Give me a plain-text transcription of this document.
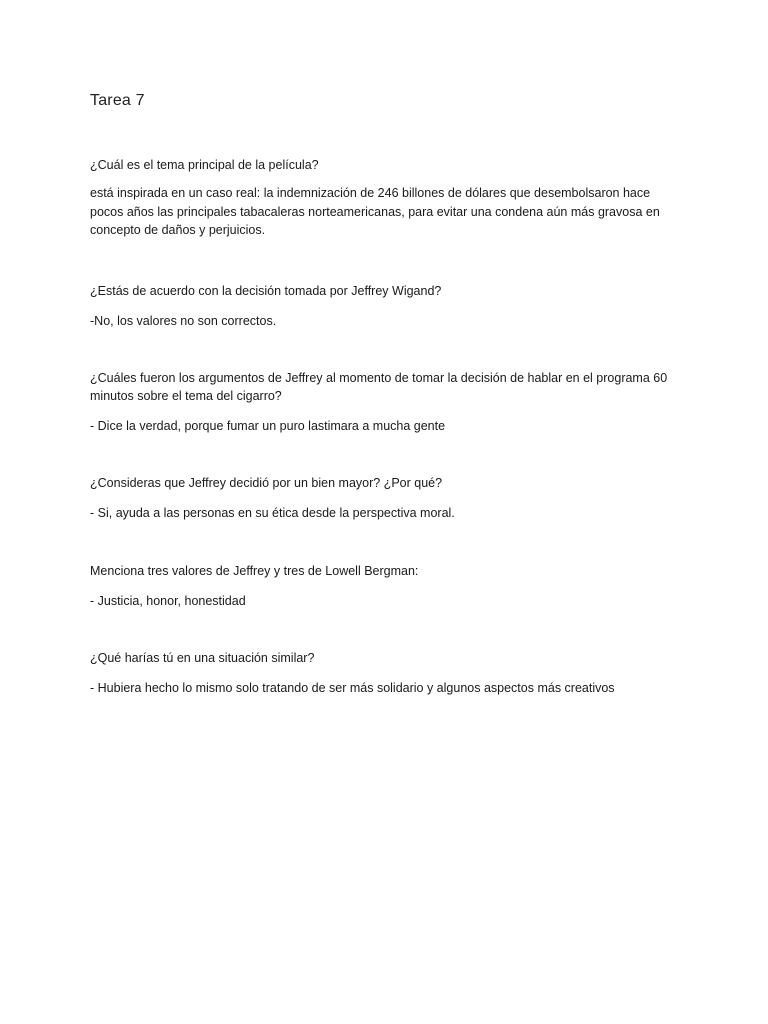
Tarea 7

¿Cuál es el tema principal de la película?

está inspirada en un caso real: la indemnización de 246 billones de dólares que desembolsaron hace pocos años las principales tabacaleras norteamericanas, para evitar una condena aún más gravosa en concepto de daños y perjuicios.

¿Estás de acuerdo con la decisión tomada por Jeffrey Wigand?

-No, los valores no son correctos.

¿Cuáles fueron los argumentos de Jeffrey al momento de tomar la decisión de hablar en el programa 60 minutos sobre el tema del cigarro?

- Dice la verdad, porque fumar un puro lastimara a mucha gente

¿Consideras que Jeffrey decidió por un bien mayor? ¿Por qué?

- Si, ayuda a las personas en su ética desde la perspectiva moral.

Menciona tres valores de Jeffrey y tres de Lowell Bergman:

- Justicia, honor, honestidad

¿Qué harías tú en una situación similar?

- Hubiera hecho lo mismo solo tratando de ser más solidario y algunos aspectos más creativos
